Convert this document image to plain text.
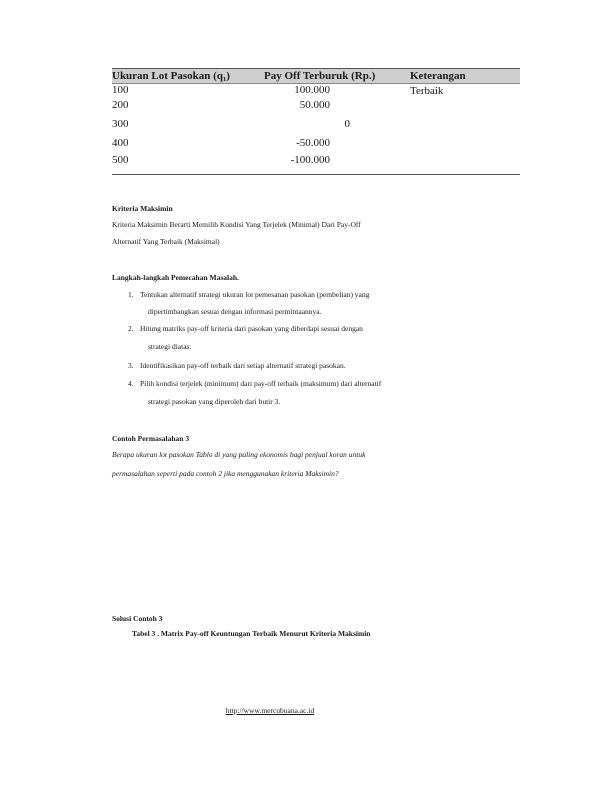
Ukuran Lot Pasokan (q₁)	Pay Off Terburuk (Rp.)	Keterangan
100	100.000	Terbaik
200	50.000
300	0
400	-50.000
500	-100.000
Kriteria Maksimin
Kriteria Maksimin Berarti Memilih Kondisi Yang Terjelek (Minimal) Dari Pay-Off
Alternatif Yang Terbaik (Maksimal)
Langkah-langkah Pemecahan Masalah.
1. Tentukan alternatif strategi ukuran lot pemesanan pasokan (pembelian) yang
dipertimbangkan sesuai dengan informasi permintaannya.
2. Hitung matriks pay-off kriteria dari pasokan yang diberdapi sesuai dengan
strategi diatas.
3. Identifikasikan pay-off terbaik dari setiap alternatif strategi pasokan.
4. Pilih kondisi terjelek (minimum) dari pay-off terbaik (maksimum) dari alternatif
strategi pasokan yang diperoleh dari butir 3.
Contoh Permasalahan 3
Berapa ukuran lot pasokan Tablo di yang paling ekonomis bagi penjual koran untuk
permasalahan seperti pada contoh 2 jika menggunakan kriteria Maksimin?
Solusi Contoh 3
Tabel 3 . Matrix Pay-off Keuntungan Terbaik Menurut Kriteria Maksimin
http://www.mercubuana.ac.id
